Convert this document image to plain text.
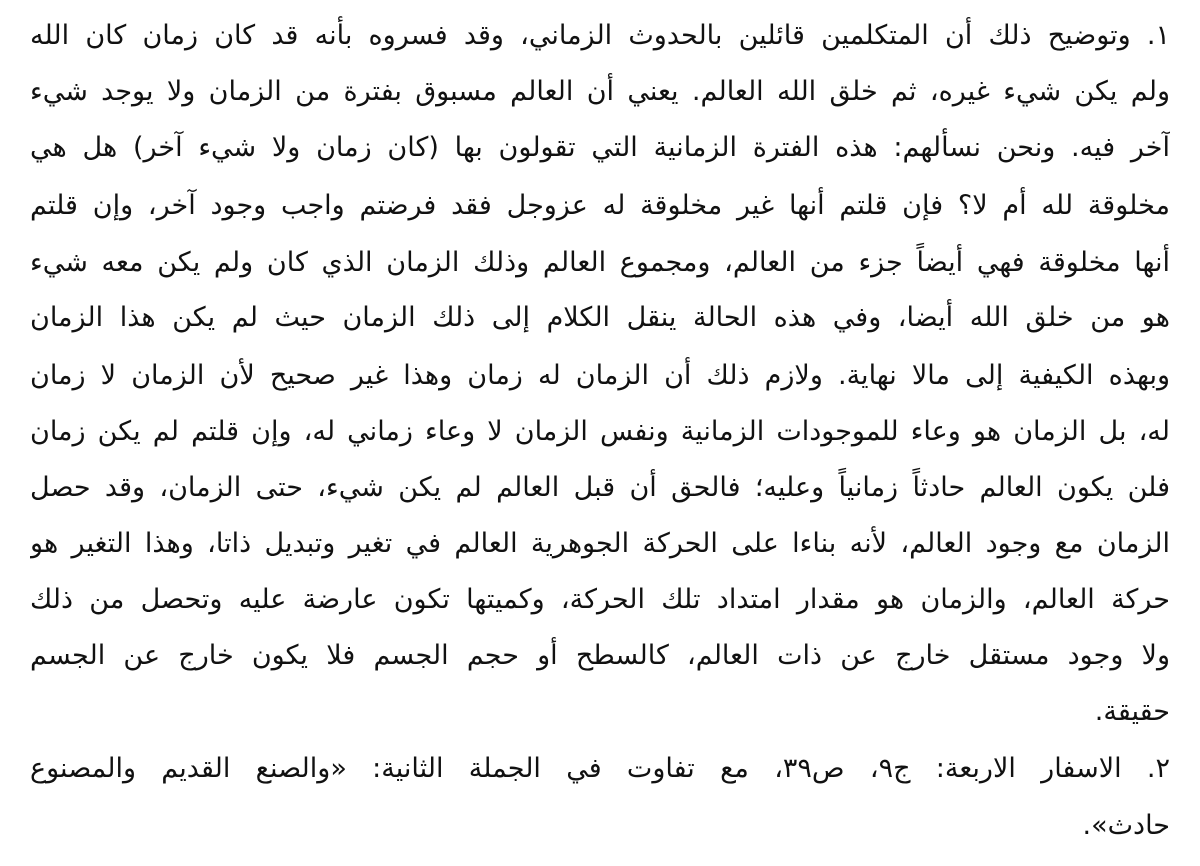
١. وتوضيح ذلك أن المتكلمين قائلين بالحدوث الزماني، وقد فسروه بأنه قد كان زمان كان الله
ولم يكن شيء غيره، ثم خلق الله العالم. يعني أن العالم مسبوق بفترة من الزمان ولا يوجد شيء
آخر فيه. ونحن نسألهم: هذه الفترة الزمانية التي تقولون بها (كان زمان ولا شيء آخر) هل هي
مخلوقة لله أم لا؟ فإن قلتم أنها غير مخلوقة له عزوجل فقد فرضتم واجب وجود آخر، وإن قلتم
أنها مخلوقة فهي أيضاً جزء من العالم، ومجموع العالم وذلك الزمان الذي كان ولم يكن معه شيء
هو من خلق الله أيضا، وفي هذه الحالة ينقل الكلام إلى ذلك الزمان حيث لم يكن هذا الزمان
وبهذه الكيفية إلى مالا نهاية. ولازم ذلك أن الزمان له زمان وهذا غير صحيح لأن الزمان لا زمان
له، بل الزمان هو وعاء للموجودات الزمانية ونفس الزمان لا وعاء زماني له، وإن قلتم لم يكن زمان
فلن يكون العالم حادثاً زمانياً وعليه؛ فالحق أن قبل العالم لم يكن شيء، حتى الزمان، وقد حصل
الزمان مع وجود العالم، لأنه بناءا على الحركة الجوهرية العالم في تغير وتبديل ذاتا، وهذا التغير هو
حركة العالم، والزمان هو مقدار امتداد تلك الحركة، وكميتها تكون عارضة عليه وتحصل من ذلك
ولا وجود مستقل خارج عن ذات العالم، كالسطح أو حجم الجسم فلا يكون خارج عن الجسم
حقيقة.
٢. الاسفار الاربعة: ج٩، ص٣٩، مع تفاوت في الجملة الثانية: «والصنع القديم والمصنوع
حادث».
